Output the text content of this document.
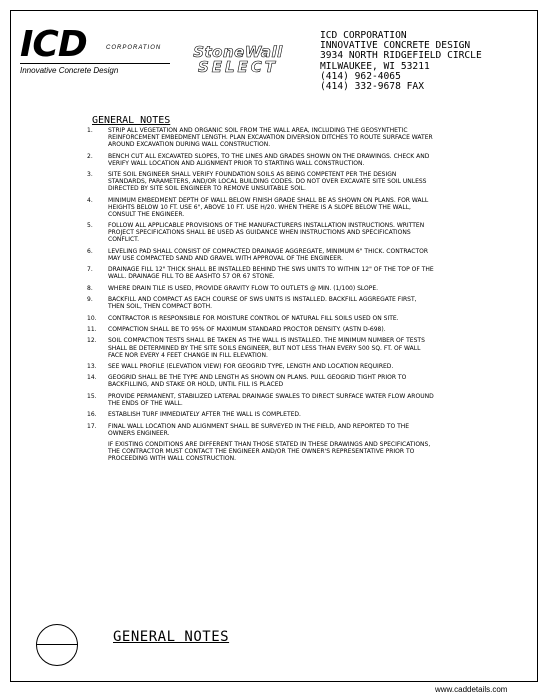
ICD	CORPORATION
Innovative Concrete Design
StoneWall
SELECT
ICD CORPORATION
INNOVATIVE CONCRETE DESIGN
3934 NORTH RIDGEFIELD CIRCLE
MILWAUKEE, WI 53211
(414) 962-4065
(414) 332-9678 FAX
GENERAL NOTES
1.	STRIP ALL VEGETATION AND ORGANIC SOIL FROM THE WALL AREA, INCLUDING THE GEOSYNTHETIC REINFORCEMENT EMBEDMENT LENGTH. PLAN EXCAVATION DIVERSION DITCHES TO ROUTE SURFACE WATER AROUND EXCAVATION DURING WALL CONSTRUCTION.
2.	BENCH CUT ALL EXCAVATED SLOPES, TO THE LINES AND GRADES SHOWN ON THE DRAWINGS. CHECK AND VERIFY WALL LOCATION AND ALIGNMENT PRIOR TO STARTING WALL CONSTRUCTION.
3.	SITE SOIL ENGINEER SHALL VERIFY FOUNDATION SOILS AS BEING COMPETENT PER THE DESIGN STANDARDS, PARAMETERS, AND/OR LOCAL BUILDING CODES. DO NOT OVER EXCAVATE SITE SOIL UNLESS DIRECTED BY SITE SOIL ENGINEER TO REMOVE UNSUITABLE SOIL.
4.	MINIMUM EMBEDMENT DEPTH OF WALL BELOW FINISH GRADE SHALL BE AS SHOWN ON PLANS. FOR WALL HEIGHTS BELOW 10 FT. USE 6", ABOVE 10 FT. USE H/20. WHEN THERE IS A SLOPE BELOW THE WALL, CONSULT THE ENGINEER.
5.	FOLLOW ALL APPLICABLE PROVISIONS OF THE MANUFACTURERS INSTALLATION INSTRUCTIONS. WRITTEN PROJECT SPECIFICATIONS SHALL BE USED AS GUIDANCE WHEN INSTRUCTIONS AND SPECIFICATIONS CONFLICT.
6.	LEVELING PAD SHALL CONSIST OF COMPACTED DRAINAGE AGGREGATE, MINIMUM 6" THICK. CONTRACTOR MAY USE COMPACTED SAND AND GRAVEL WITH APPROVAL OF THE ENGINEER.
7.	DRAINAGE FILL 12" THICK SHALL BE INSTALLED BEHIND THE SWS UNITS TO WITHIN 12" OF THE TOP OF THE WALL. DRAINAGE FILL TO BE AASHTO 57 OR 67 STONE.
8.	WHERE DRAIN TILE IS USED, PROVIDE GRAVITY FLOW TO OUTLETS @ MIN. (1/100) SLOPE.
9.	BACKFILL AND COMPACT AS EACH COURSE OF SWS UNITS IS INSTALLED. BACKFILL AGGREGATE FIRST, THEN SOIL, THEN COMPACT BOTH.
10. CONTRACTOR IS RESPONSIBLE FOR MOISTURE CONTROL OF NATURAL FILL SOILS USED ON SITE.
11. COMPACTION SHALL BE TO 95% OF MAXIMUM STANDARD PROCTOR DENSITY. (ASTN D-698).
12. SOIL COMPACTION TESTS SHALL BE TAKEN AS THE WALL IS INSTALLED. THE MINIMUM NUMBER OF TESTS SHALL BE DETERMINED BY THE SITE SOILS ENGINEER, BUT NOT LESS THAN EVERY 500 SQ. FT. OF WALL FACE NOR EVERY 4 FEET CHANGE IN FILL ELEVATION.
13. SEE WALL PROFILE (ELEVATION VIEW) FOR GEOGRID TYPE, LENGTH AND LOCATION REQUIRED.
14. GEOGRID SHALL BE THE TYPE AND LENGTH AS SHOWN ON PLANS. PULL GEOGRID TIGHT PRIOR TO BACKFILLING, AND STAKE OR HOLD, UNTIL FILL IS PLACED
15. PROVIDE PERMANENT, STABILIZED LATERAL DRAINAGE SWALES TO DIRECT SURFACE WATER FLOW AROUND THE ENDS OF THE WALL.
16. ESTABLISH TURF IMMEDIATELY AFTER THE WALL IS COMPLETED.
17. FINAL WALL LOCATION AND ALIGNMENT SHALL BE SURVEYED IN THE FIELD, AND REPORTED TO THE OWNERS ENGINEER.
IF EXISTING CONDITIONS ARE DIFFERENT THAN THOSE STATED IN THESE DRAWINGS AND SPECIFICATIONS, THE CONTRACTOR MUST CONTACT THE ENGINEER AND/OR THE OWNER'S REPRESENTATIVE PRIOR TO PROCEEDING WITH WALL CONSTRUCTION.
GENERAL NOTES
www.caddetails.com
